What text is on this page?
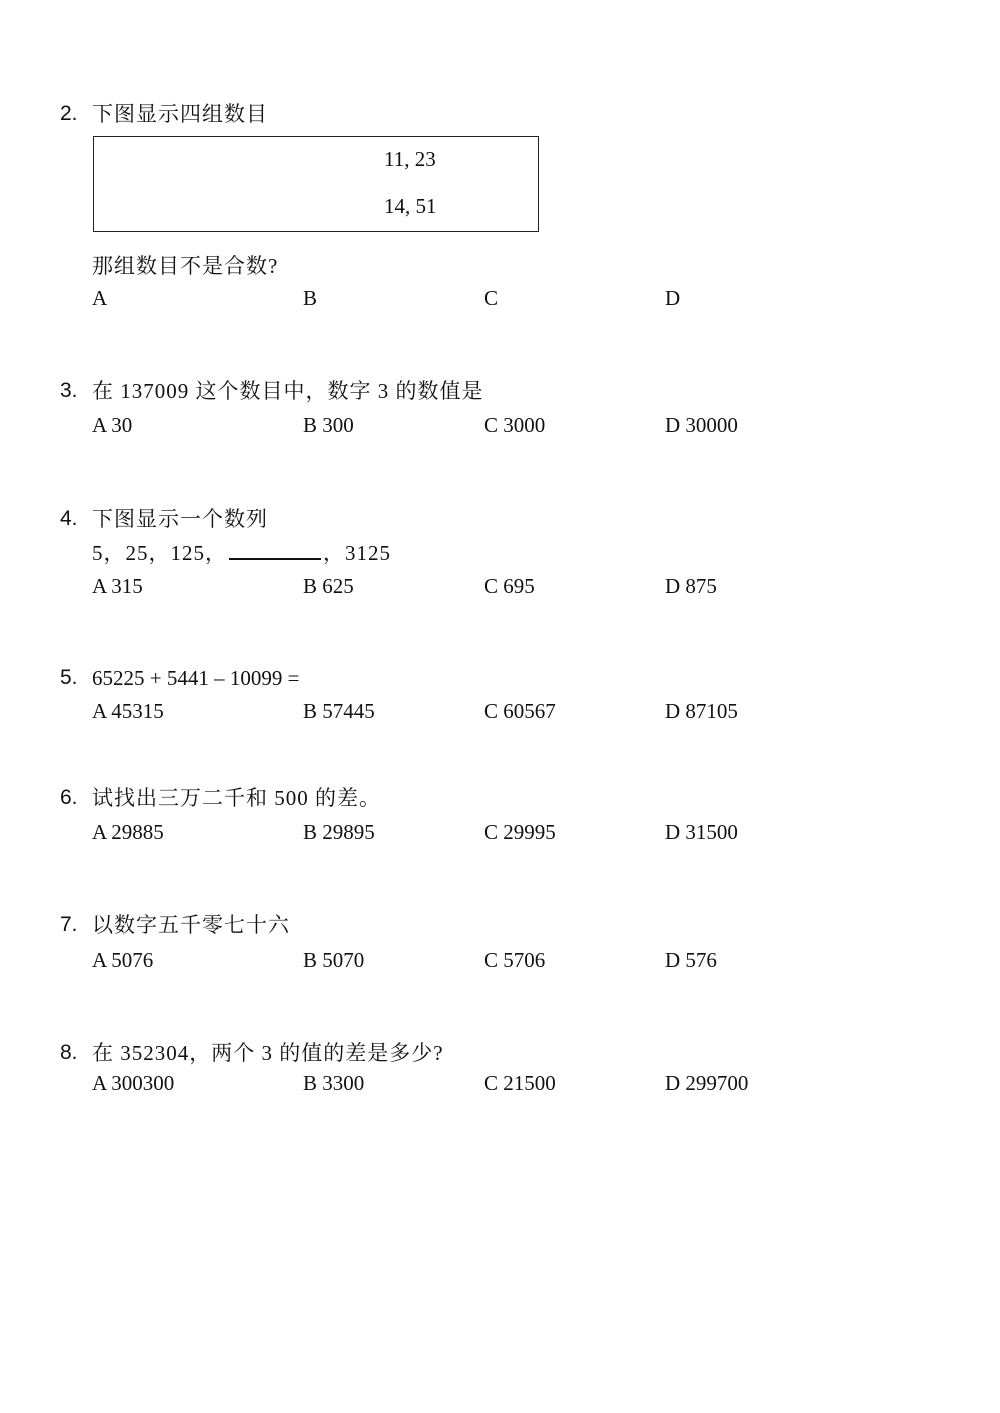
2. 下图显示四组数目
11, 23
14, 51
那组数目不是合数?
A	B	C	D
3. 在 137009 这个数目中，数字 3 的数值是
A 30	B 300	C 3000	D 30000
4. 下图显示一个数列
5，25，125，	，3125
A 315	B 625	C 695	D 875
5. 65225 + 5441 – 10099 =
A 45315	B 57445	C 60567	D 87105
6. 试找出三万二千和 500 的差。
A 29885	B 29895	C 29995	D 31500
7. 以数字五千零七十六
A 5076	B 5070	C 5706	D 576
8. 在 352304，两个 3 的值的差是多少?
A 300300	B 3300	C 21500	D 299700
